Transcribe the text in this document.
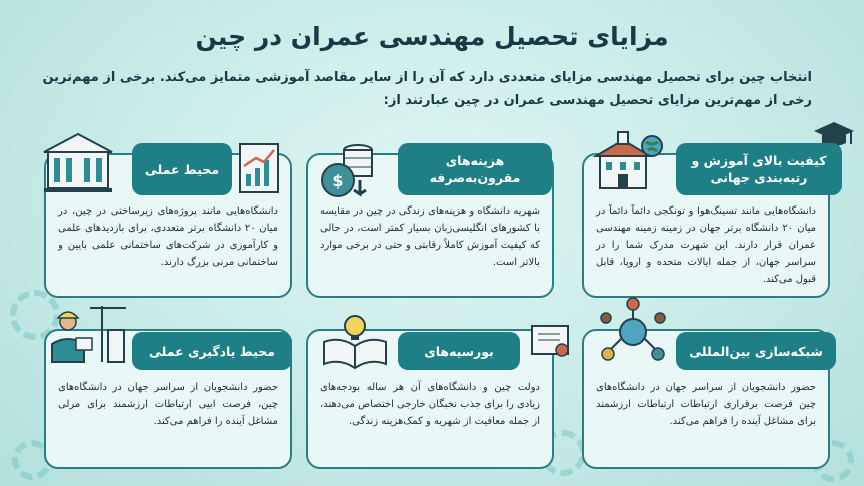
مزایای تحصیل مهندسی عمران در چین

انتخاب چین برای تحصیل مهندسی مزایای متعددی دارد که آن را از سایر مقاصد آموزشی متمایز می‌کند. برخی از مهم‌ترین رخی از مهم‌ترین مزایای تحصیل مهندسی عمران در چین عبارتند از:

دانشگاه‌هایی مانند تسینگ‌هوا و تونگجی دائماً دائماً در میان ۲۰ دانشگاه برتر جهان در زمینه زمینه مهندسی عمران قرار دارند. این شهرت مدرک شما را در سراسر جهان، از جمله ایالات متحده و اروپا، قابل قبول می‌کند.

کیفیت بالای آموزش و رتبه‌بندی جهانی

شهریه دانشگاه و هزینه‌های زندگی در چین در مقایسه با کشورهای انگلیسی‌زبان بسیار کمتر است، در حالی که کیفیت آموزش کاملاً رقابتی و حتی در برخی موارد بالاتر است.

هزینه‌های مقرون‌به‌صرفه
$

دانشگاه‌هایی مانند پروژه‌های زیرساختی در چین، در میان ۲۰ دانشگاه برتر متعددی، برای بازدیدهای علمی و کارآموزی در شرکت‌های ساختمانی علمی بایین و ساختمانی مرنی بزرگ دارند.

محیط عملی

حضور دانشجویان از سراسر جهان در دانشگاه‌های چین فرصت برقراری ارتباطات ارتباطات ارزشمند برای مشاغل آینده را فراهم می‌کند.

شبکه‌سازی بین‌المللی

دولت چین و دانشگاه‌های آن هر ساله بودجه‌های زیادی را برای جذب نخبگان خارجی اختصاص می‌دهند، از جمله معافیت از شهریه و کمک‌هزینه زندگی.

بورسیه‌های

حضور دانشجویان از سراسر جهان در دانشگاه‌های چین، فرصت ابیی ارتباطات ارزشمند برای مرلی مشاغل آینده را فراهم می‌کند.

محیط یادگیری عملی
